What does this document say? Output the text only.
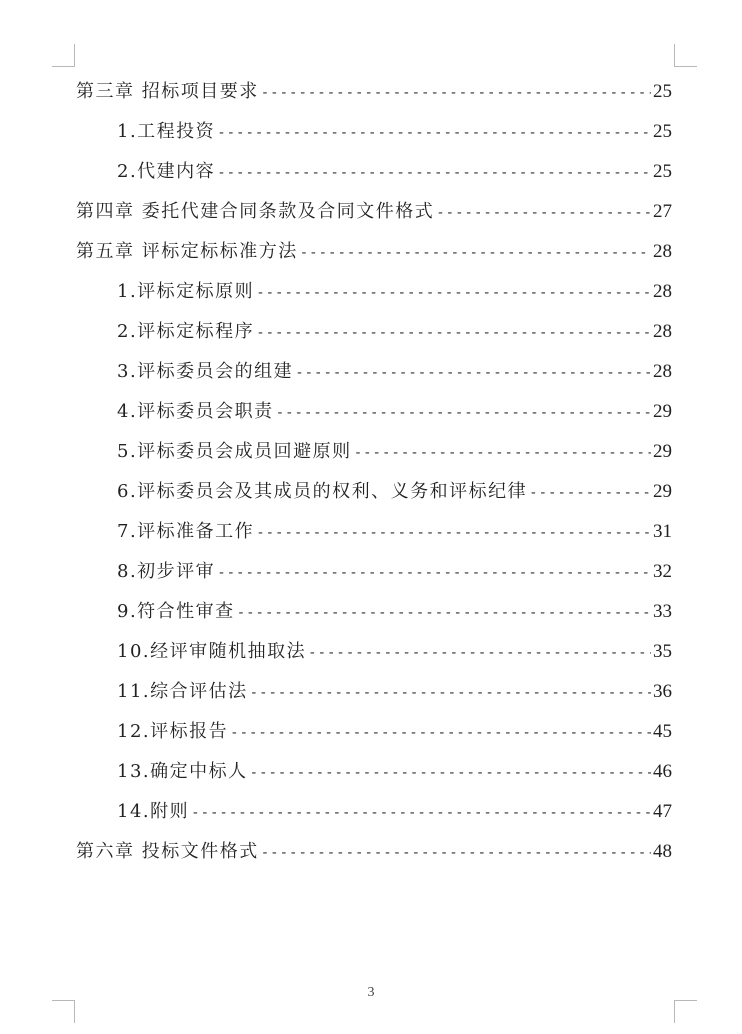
第三章 招标项目要求 -----	25
1.工程投资 -----	25
2.代建内容 -----	25
第四章 委托代建合同条款及合同文件格式 -----	27
第五章 评标定标标准方法 -----	28
1.评标定标原则 -----	28
2.评标定标程序 -----	28
3.评标委员会的组建 -----	28
4.评标委员会职责 -----	29
5.评标委员会成员回避原则 -----	29
6.评标委员会及其成员的权利、义务和评标纪律 -----	29
7.评标准备工作 -----	31
8.初步评审 -----	32
9.符合性审查 -----	33
10.经评审随机抽取法 -----	35
11.综合评估法 -----	36
12.评标报告 -----	45
13.确定中标人 -----	46
14.附则 -----	47
第六章 投标文件格式 -----	48
3
